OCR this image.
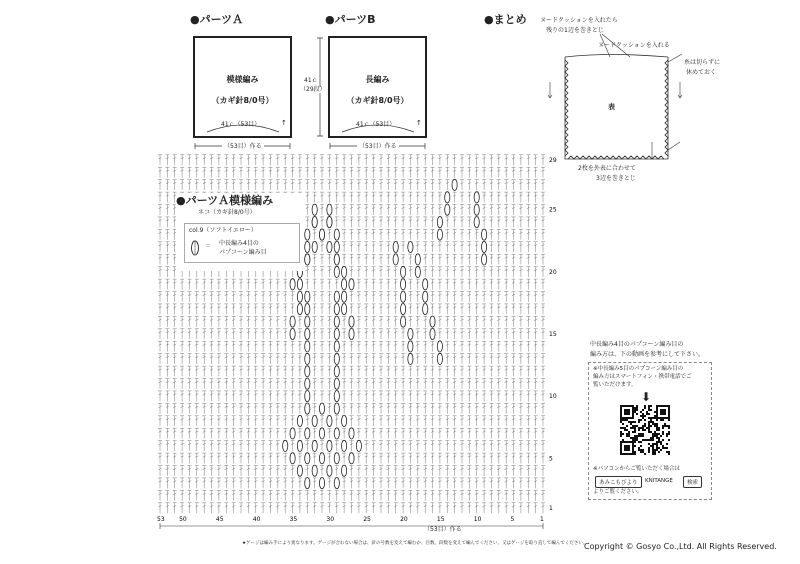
●パーツＡ
模様編み
（カギ針8/0号）
41ｃ（53目）	↑
（53目）作る
●パーツB
長編み
（カギ針8/0号）
41ｃ（53目）	↑
（53目）作る
41ｃ
（29段）
●まとめ ヌードクッションを入れたら
残りの1辺を巻きとじ
ヌードクッションを入れる
糸は切らずに
休めておく
表
2枚を外表に合わせて
3辺を巻きとじ
29
25
20
15
10
5
1
53 50	45	40	35	30	25	20	15	10	5	1
●パーツＡ模様編み
ネコ（カギ針8/0号）
col.9（ソフトイエロー）
＝ 中長編み4目の
パプコーン編み目
（53目）作る
中長編み4目のパプコーン編み目の
編み方は、下の動画を参考にして下さい。
※中長編み5目のパプコーン編み目の
編み方はスマートフォン・携帯電話でご
覧いただけます。
⬇
※パソコンからご覧いただく場合は
あみこもびより	KNITANGE	検索
よりご覧ください。
★ゲージは編み手により異なります。ゲージが合わない場合は、針の号数を変えて編むか、目数、段数を変えて編んでください。又はゲージを取り直して編んでください。
Copyright © Gosyo Co.,Ltd. All Rights Reserved.
